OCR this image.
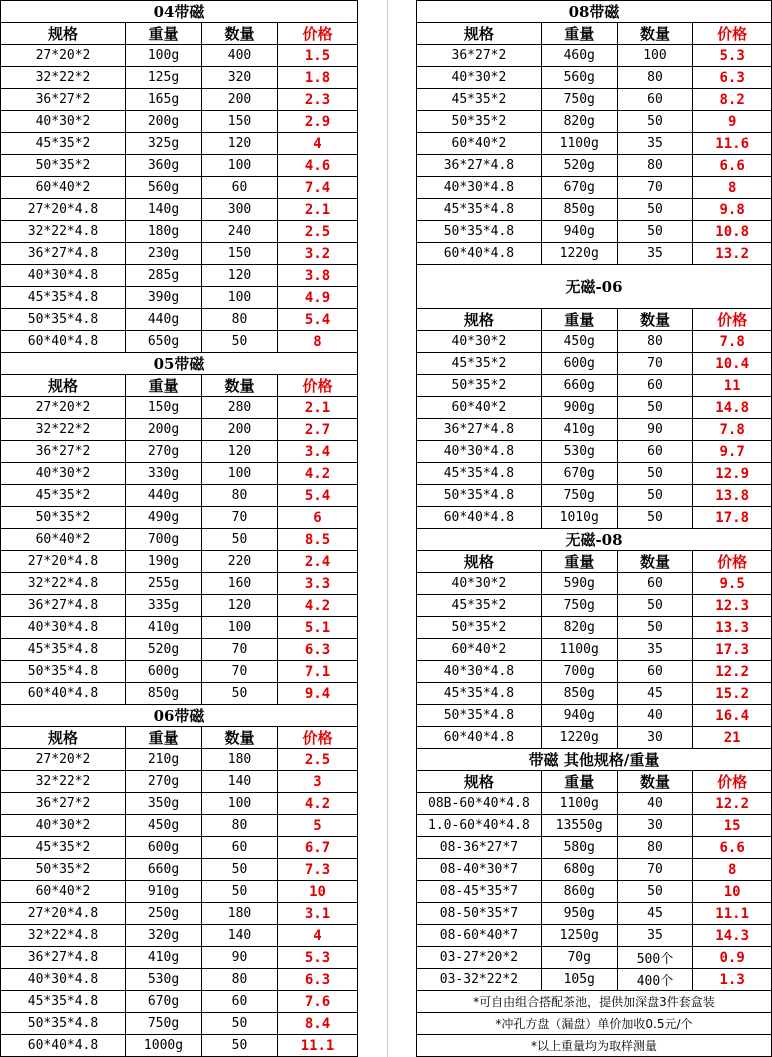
04带磁			
规格	重量	数量	价格
27*20*2	100g	400	1.5
32*22*2	125g	320	1.8
36*27*2	165g	200	2.3
40*30*2	200g	150	2.9
45*35*2	325g	120	4
50*35*2	360g	100	4.6
60*40*2	560g	60	7.4
27*20*4.8	140g	300	2.1
32*22*4.8	180g	240	2.5
36*27*4.8	230g	150	3.2
40*30*4.8	285g	120	3.8
45*35*4.8	390g	100	4.9
50*35*4.8	440g	80	5.4
60*40*4.8	650g	50	8
05带磁			
规格	重量	数量	价格
27*20*2	150g	280	2.1
32*22*2	200g	200	2.7
36*27*2	270g	120	3.4
40*30*2	330g	100	4.2
45*35*2	440g	80	5.4
50*35*2	490g	70	6
60*40*2	700g	50	8.5
27*20*4.8	190g	220	2.4
32*22*4.8	255g	160	3.3
36*27*4.8	335g	120	4.2
40*30*4.8	410g	100	5.1
45*35*4.8	520g	70	6.3
50*35*4.8	600g	70	7.1
60*40*4.8	850g	50	9.4
06带磁			
规格	重量	数量	价格
27*20*2	210g	180	2.5
32*22*2	270g	140	3
36*27*2	350g	100	4.2
40*30*2	450g	80	5
45*35*2	600g	60	6.7
50*35*2	660g	50	7.3
60*40*2	910g	50	10
27*20*4.8	250g	180	3.1
32*22*4.8	320g	140	4
36*27*4.8	410g	90	5.3
40*30*4.8	530g	80	6.3
45*35*4.8	670g	60	7.6
50*35*4.8	750g	50	8.4
60*40*4.8	1000g	50	11.1
08带磁			
规格	重量	数量	价格
36*27*2	460g	100	5.3
40*30*2	560g	80	6.3
45*35*2	750g	60	8.2
50*35*2	820g	50	9
60*40*2	1100g	35	11.6
36*27*4.8	520g	80	6.6
40*30*4.8	670g	70	8
45*35*4.8	850g	50	9.8
50*35*4.8	940g	50	10.8
60*40*4.8	1220g	35	13.2
无磁-06			
规格	重量	数量	价格
40*30*2	450g	80	7.8
45*35*2	600g	70	10.4
50*35*2	660g	60	11
60*40*2	900g	50	14.8
36*27*4.8	410g	90	7.8
40*30*4.8	530g	60	9.7
45*35*4.8	670g	50	12.9
50*35*4.8	750g	50	13.8
60*40*4.8	1010g	50	17.8
无磁-08			
规格	重量	数量	价格
40*30*2	590g	60	9.5
45*35*2	750g	50	12.3
50*35*2	820g	50	13.3
60*40*2	1100g	35	17.3
40*30*4.8	700g	60	12.2
45*35*4.8	850g	45	15.2
50*35*4.8	940g	40	16.4
60*40*4.8	1220g	30	21
带磁 其他规格/重量			
规格	重量	数量	价格
08B-60*40*4.8	1100g	40	12.2
1.0-60*40*4.8	13550g	30	15
08-36*27*7	580g	80	6.6
08-40*30*7	680g	70	8
08-45*35*7	860g	50	10
08-50*35*7	950g	45	11.1
08-60*40*7	1250g	35	14.3
03-27*20*2	70g	500个	0.9
03-32*22*2	105g	400个	1.3
*可自由组合搭配茶池，提供加深盘3件套盒装			
*冲孔方盘（漏盘）单价加收0.5元/个			
*以上重量均为取样测量			
